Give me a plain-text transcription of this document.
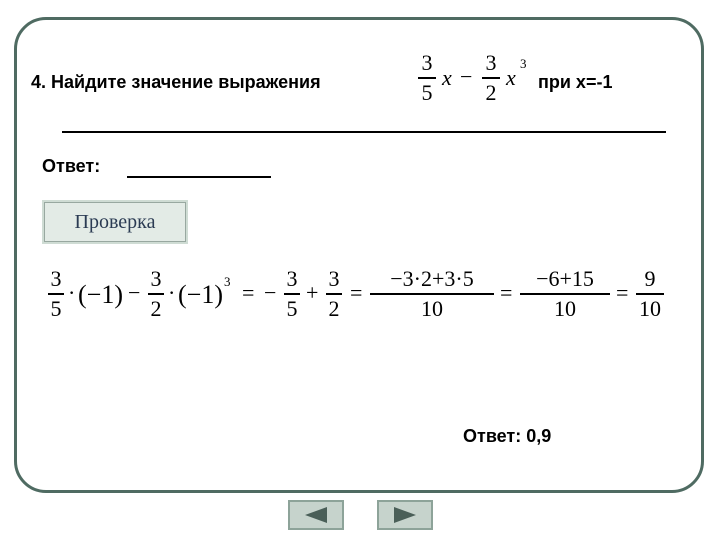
4. Найдите значение выражения
3
5
x −
3
2
x
3
при x=-1
Ответ:
Проверка
3
5
· (−1) −
3
2
· (−1) 3 = −
3
5
+
3
2
=
−3·2+3·5
10
=
−6+15
10
=
9
10
Ответ: 0,9
